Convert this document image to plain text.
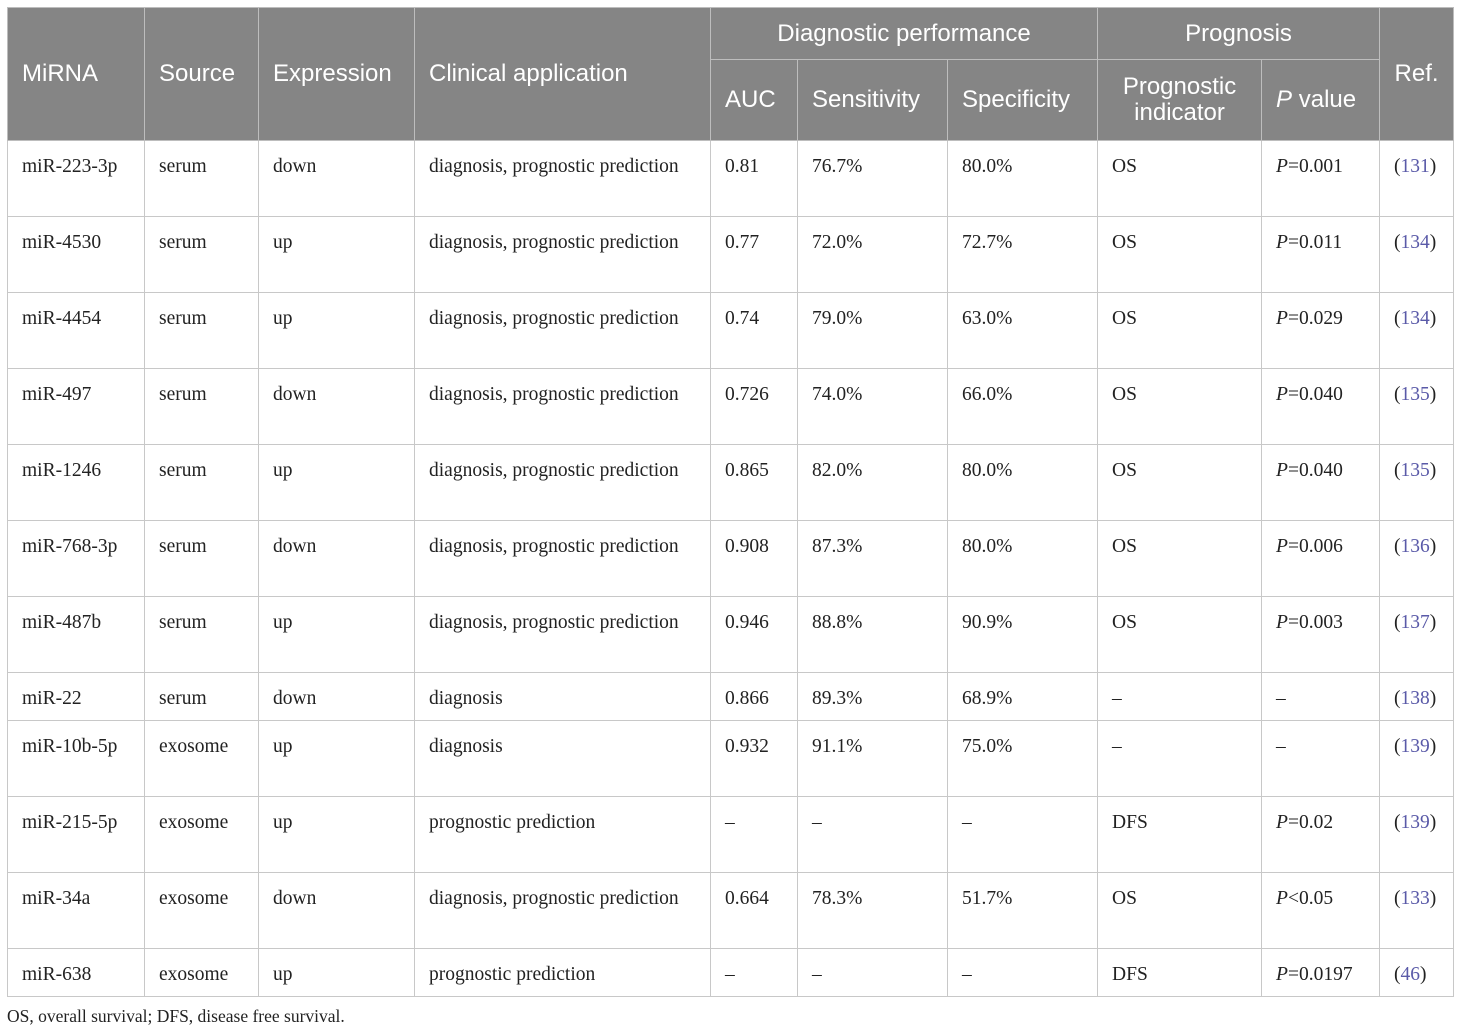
MiRNA	Source	Expression	Clinical application	Diagnostic performance			Prognosis		Ref.
				AUC	Sensitivity	Specificity	Prognostic indicator	P value	
miR-223-3p	serum	down	diagnosis, prognostic prediction	0.81	76.7%	80.0%	OS	P=0.001	(131)
miR-4530	serum	up	diagnosis, prognostic prediction	0.77	72.0%	72.7%	OS	P=0.011	(134)
miR-4454	serum	up	diagnosis, prognostic prediction	0.74	79.0%	63.0%	OS	P=0.029	(134)
miR-497	serum	down	diagnosis, prognostic prediction	0.726	74.0%	66.0%	OS	P=0.040	(135)
miR-1246	serum	up	diagnosis, prognostic prediction	0.865	82.0%	80.0%	OS	P=0.040	(135)
miR-768-3p	serum	down	diagnosis, prognostic prediction	0.908	87.3%	80.0%	OS	P=0.006	(136)
miR-487b	serum	up	diagnosis, prognostic prediction	0.946	88.8%	90.9%	OS	P=0.003	(137)
miR-22	serum	down	diagnosis	0.866	89.3%	68.9%	–	–	(138)
miR-10b-5p	exosome	up	diagnosis	0.932	91.1%	75.0%	–	–	(139)
miR-215-5p	exosome	up	prognostic prediction	–	–	–	DFS	P=0.02	(139)
miR-34a	exosome	down	diagnosis, prognostic prediction	0.664	78.3%	51.7%	OS	P<0.05	(133)
miR-638	exosome	up	prognostic prediction	–	–	–	DFS	P=0.0197	(46)
OS, overall survival; DFS, disease free survival.
